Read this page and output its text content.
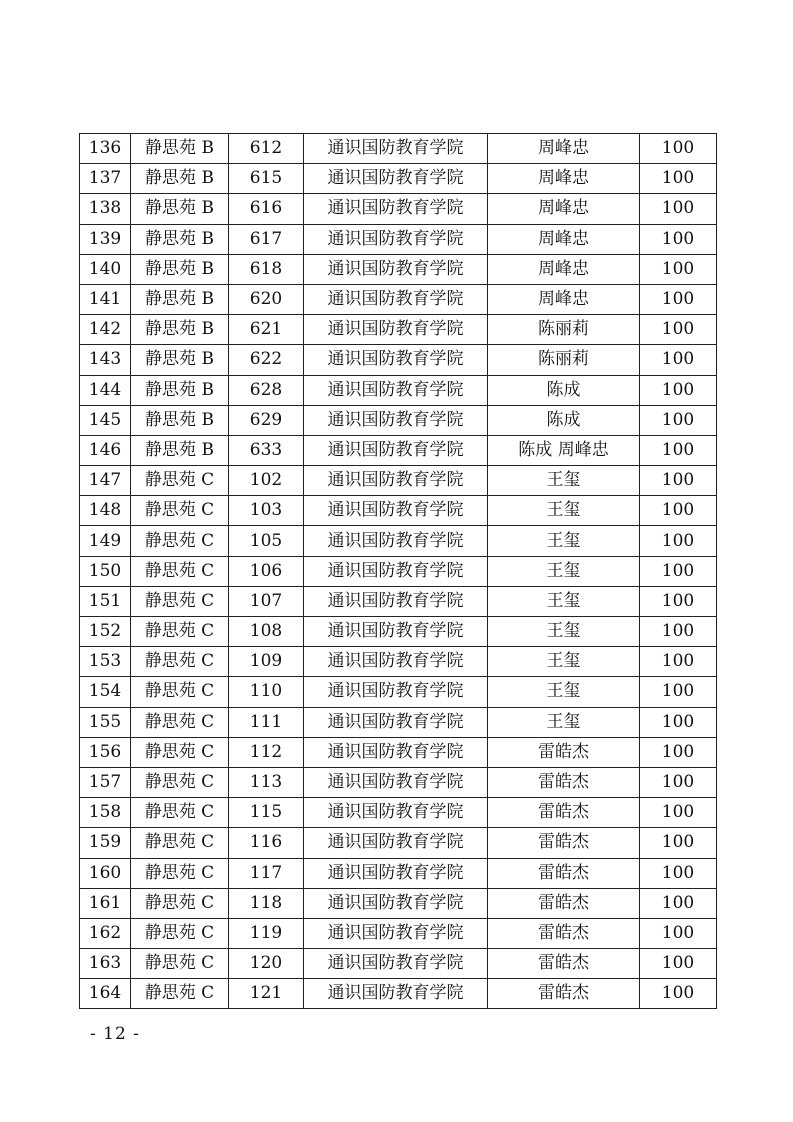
136	静思苑 B	612	通识国防教育学院	周峰忠	100
137	静思苑 B	615	通识国防教育学院	周峰忠	100
138	静思苑 B	616	通识国防教育学院	周峰忠	100
139	静思苑 B	617	通识国防教育学院	周峰忠	100
140	静思苑 B	618	通识国防教育学院	周峰忠	100
141	静思苑 B	620	通识国防教育学院	周峰忠	100
142	静思苑 B	621	通识国防教育学院	陈丽莉	100
143	静思苑 B	622	通识国防教育学院	陈丽莉	100
144	静思苑 B	628	通识国防教育学院	陈成	100
145	静思苑 B	629	通识国防教育学院	陈成	100
146	静思苑 B	633	通识国防教育学院	陈成 周峰忠	100
147	静思苑 C	102	通识国防教育学院	王玺	100
148	静思苑 C	103	通识国防教育学院	王玺	100
149	静思苑 C	105	通识国防教育学院	王玺	100
150	静思苑 C	106	通识国防教育学院	王玺	100
151	静思苑 C	107	通识国防教育学院	王玺	100
152	静思苑 C	108	通识国防教育学院	王玺	100
153	静思苑 C	109	通识国防教育学院	王玺	100
154	静思苑 C	110	通识国防教育学院	王玺	100
155	静思苑 C	111	通识国防教育学院	王玺	100
156	静思苑 C	112	通识国防教育学院	雷皓杰	100
157	静思苑 C	113	通识国防教育学院	雷皓杰	100
158	静思苑 C	115	通识国防教育学院	雷皓杰	100
159	静思苑 C	116	通识国防教育学院	雷皓杰	100
160	静思苑 C	117	通识国防教育学院	雷皓杰	100
161	静思苑 C	118	通识国防教育学院	雷皓杰	100
162	静思苑 C	119	通识国防教育学院	雷皓杰	100
163	静思苑 C	120	通识国防教育学院	雷皓杰	100
164	静思苑 C	121	通识国防教育学院	雷皓杰	100
- 12 -
